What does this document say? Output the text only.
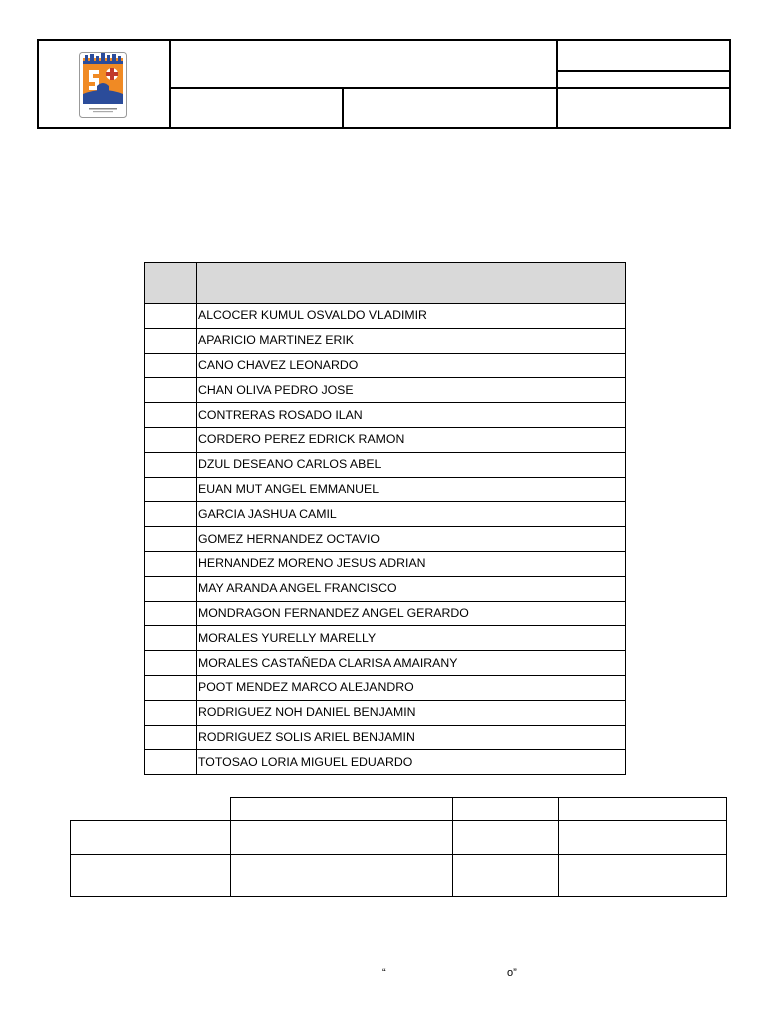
	ALCOCER KUMUL OSVALDO VLADIMIR
	APARICIO MARTINEZ ERIK
	CANO CHAVEZ LEONARDO
	CHAN OLIVA PEDRO JOSE
	CONTRERAS ROSADO ILAN
	CORDERO PEREZ EDRICK RAMON
	DZUL DESEANO CARLOS ABEL
	EUAN MUT ANGEL EMMANUEL
	GARCIA JASHUA CAMIL
	GOMEZ HERNANDEZ OCTAVIO
	HERNANDEZ MORENO JESUS ADRIAN
	MAY ARANDA ANGEL FRANCISCO
	MONDRAGON FERNANDEZ ANGEL GERARDO
	MORALES YURELLY MARELLY
	MORALES CASTAÑEDA CLARISA AMAIRANY
	POOT MENDEZ MARCO ALEJANDRO
	RODRIGUEZ NOH DANIEL BENJAMIN
	RODRIGUEZ SOLIS ARIEL BENJAMIN
	TOTOSAO LORIA MIGUEL EDUARDO

“	o”
